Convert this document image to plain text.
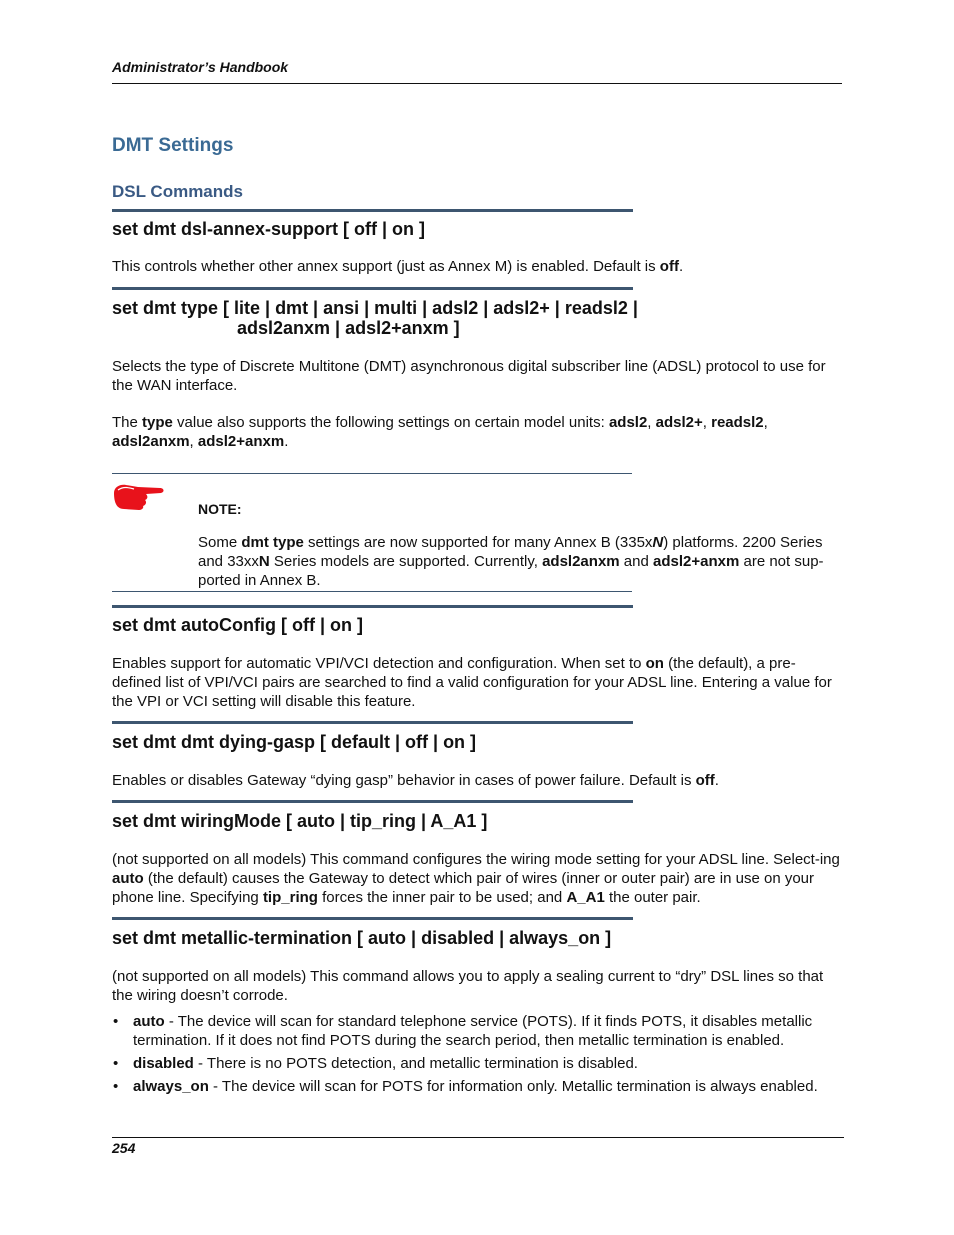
Administrator’s Handbook
DMT Settings
DSL Commands
set dmt dsl-annex-support [ off | on ]
This controls whether other annex support (just as Annex M) is enabled. Default is off.
set dmt type [ lite | dmt | ansi | multi | adsl2 | adsl2+ | readsl2 |
adsl2anxm | adsl2+anxm ]
Selects the type of Discrete Multitone (DMT) asynchronous digital subscriber line (ADSL) protocol to use for the WAN interface.
The type value also supports the following settings on certain model units: adsl2, adsl2+, readsl2, adsl2anxm, adsl2+anxm.
NOTE:
Some dmt type settings are now supported for many Annex B (335xN) platforms. 2200 Series and 33xxN Series models are supported. Currently, adsl2anxm and adsl2+anxm are not sup-ported in Annex B.
set dmt autoConfig [ off | on ]
Enables support for automatic VPI/VCI detection and configuration. When set to on (the default), a pre-defined list of VPI/VCI pairs are searched to find a valid configuration for your ADSL line. Entering a value for the VPI or VCI setting will disable this feature.
set dmt dmt dying-gasp [ default | off | on ]
Enables or disables Gateway “dying gasp” behavior in cases of power failure. Default is off.
set dmt wiringMode [ auto | tip_ring | A_A1 ]
(not supported on all models) This command configures the wiring mode setting for your ADSL line. Select-ing auto (the default) causes the Gateway to detect which pair of wires (inner or outer pair) are in use on your phone line. Specifying tip_ring forces the inner pair to be used; and A_A1 the outer pair.
set dmt metallic-termination [ auto | disabled | always_on ]
(not supported on all models) This command allows you to apply a sealing current to “dry” DSL lines so that the wiring doesn’t corrode.
• auto - The device will scan for standard telephone service (POTS). If it finds POTS, it disables metallic termination. If it does not find POTS during the search period, then metallic termination is enabled.
• disabled - There is no POTS detection, and metallic termination is disabled.
• always_on - The device will scan for POTS for information only. Metallic termination is always enabled.
254
